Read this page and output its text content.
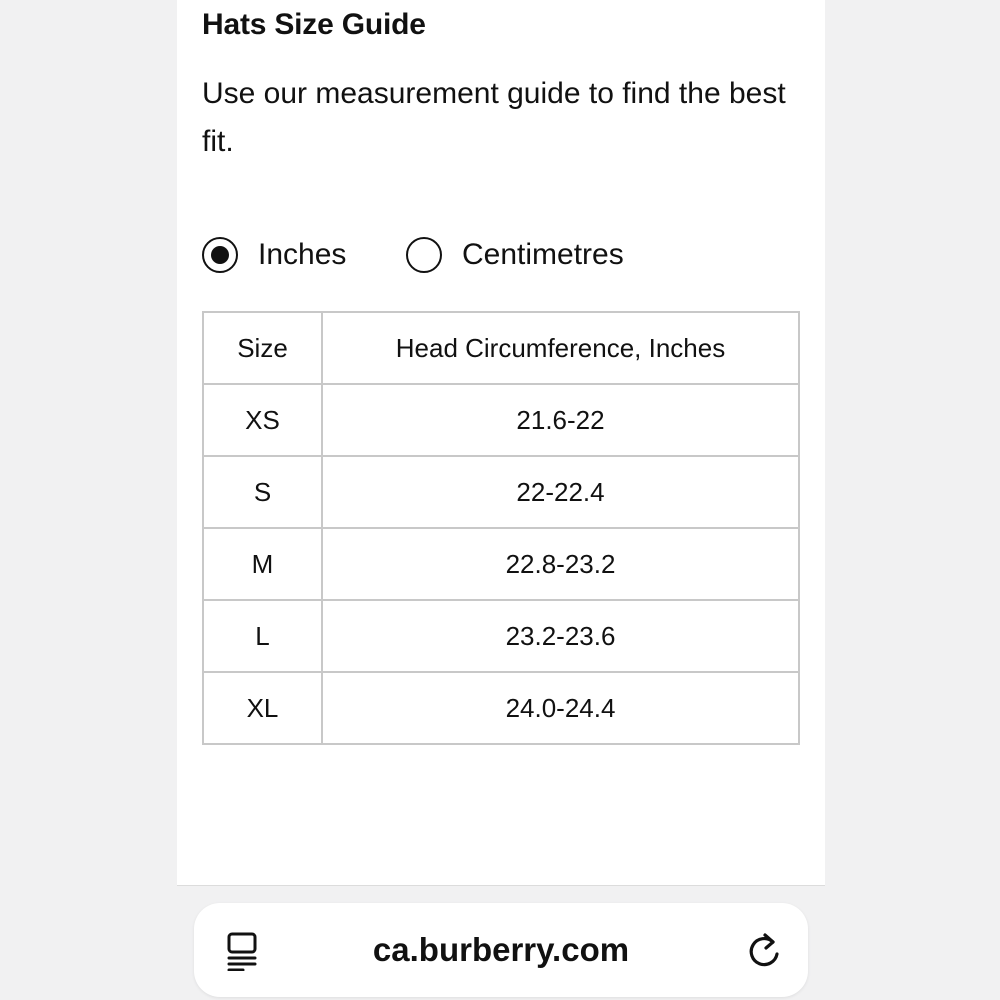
Hats Size Guide
Use our measurement guide to find the best fit.
Inches	Centimetres
Size	Head Circumference, Inches
XS	21.6-22
S	22-22.4
M	22.8-23.2
L	23.2-23.6
XL	24.0-24.4
ca.burberry.com
